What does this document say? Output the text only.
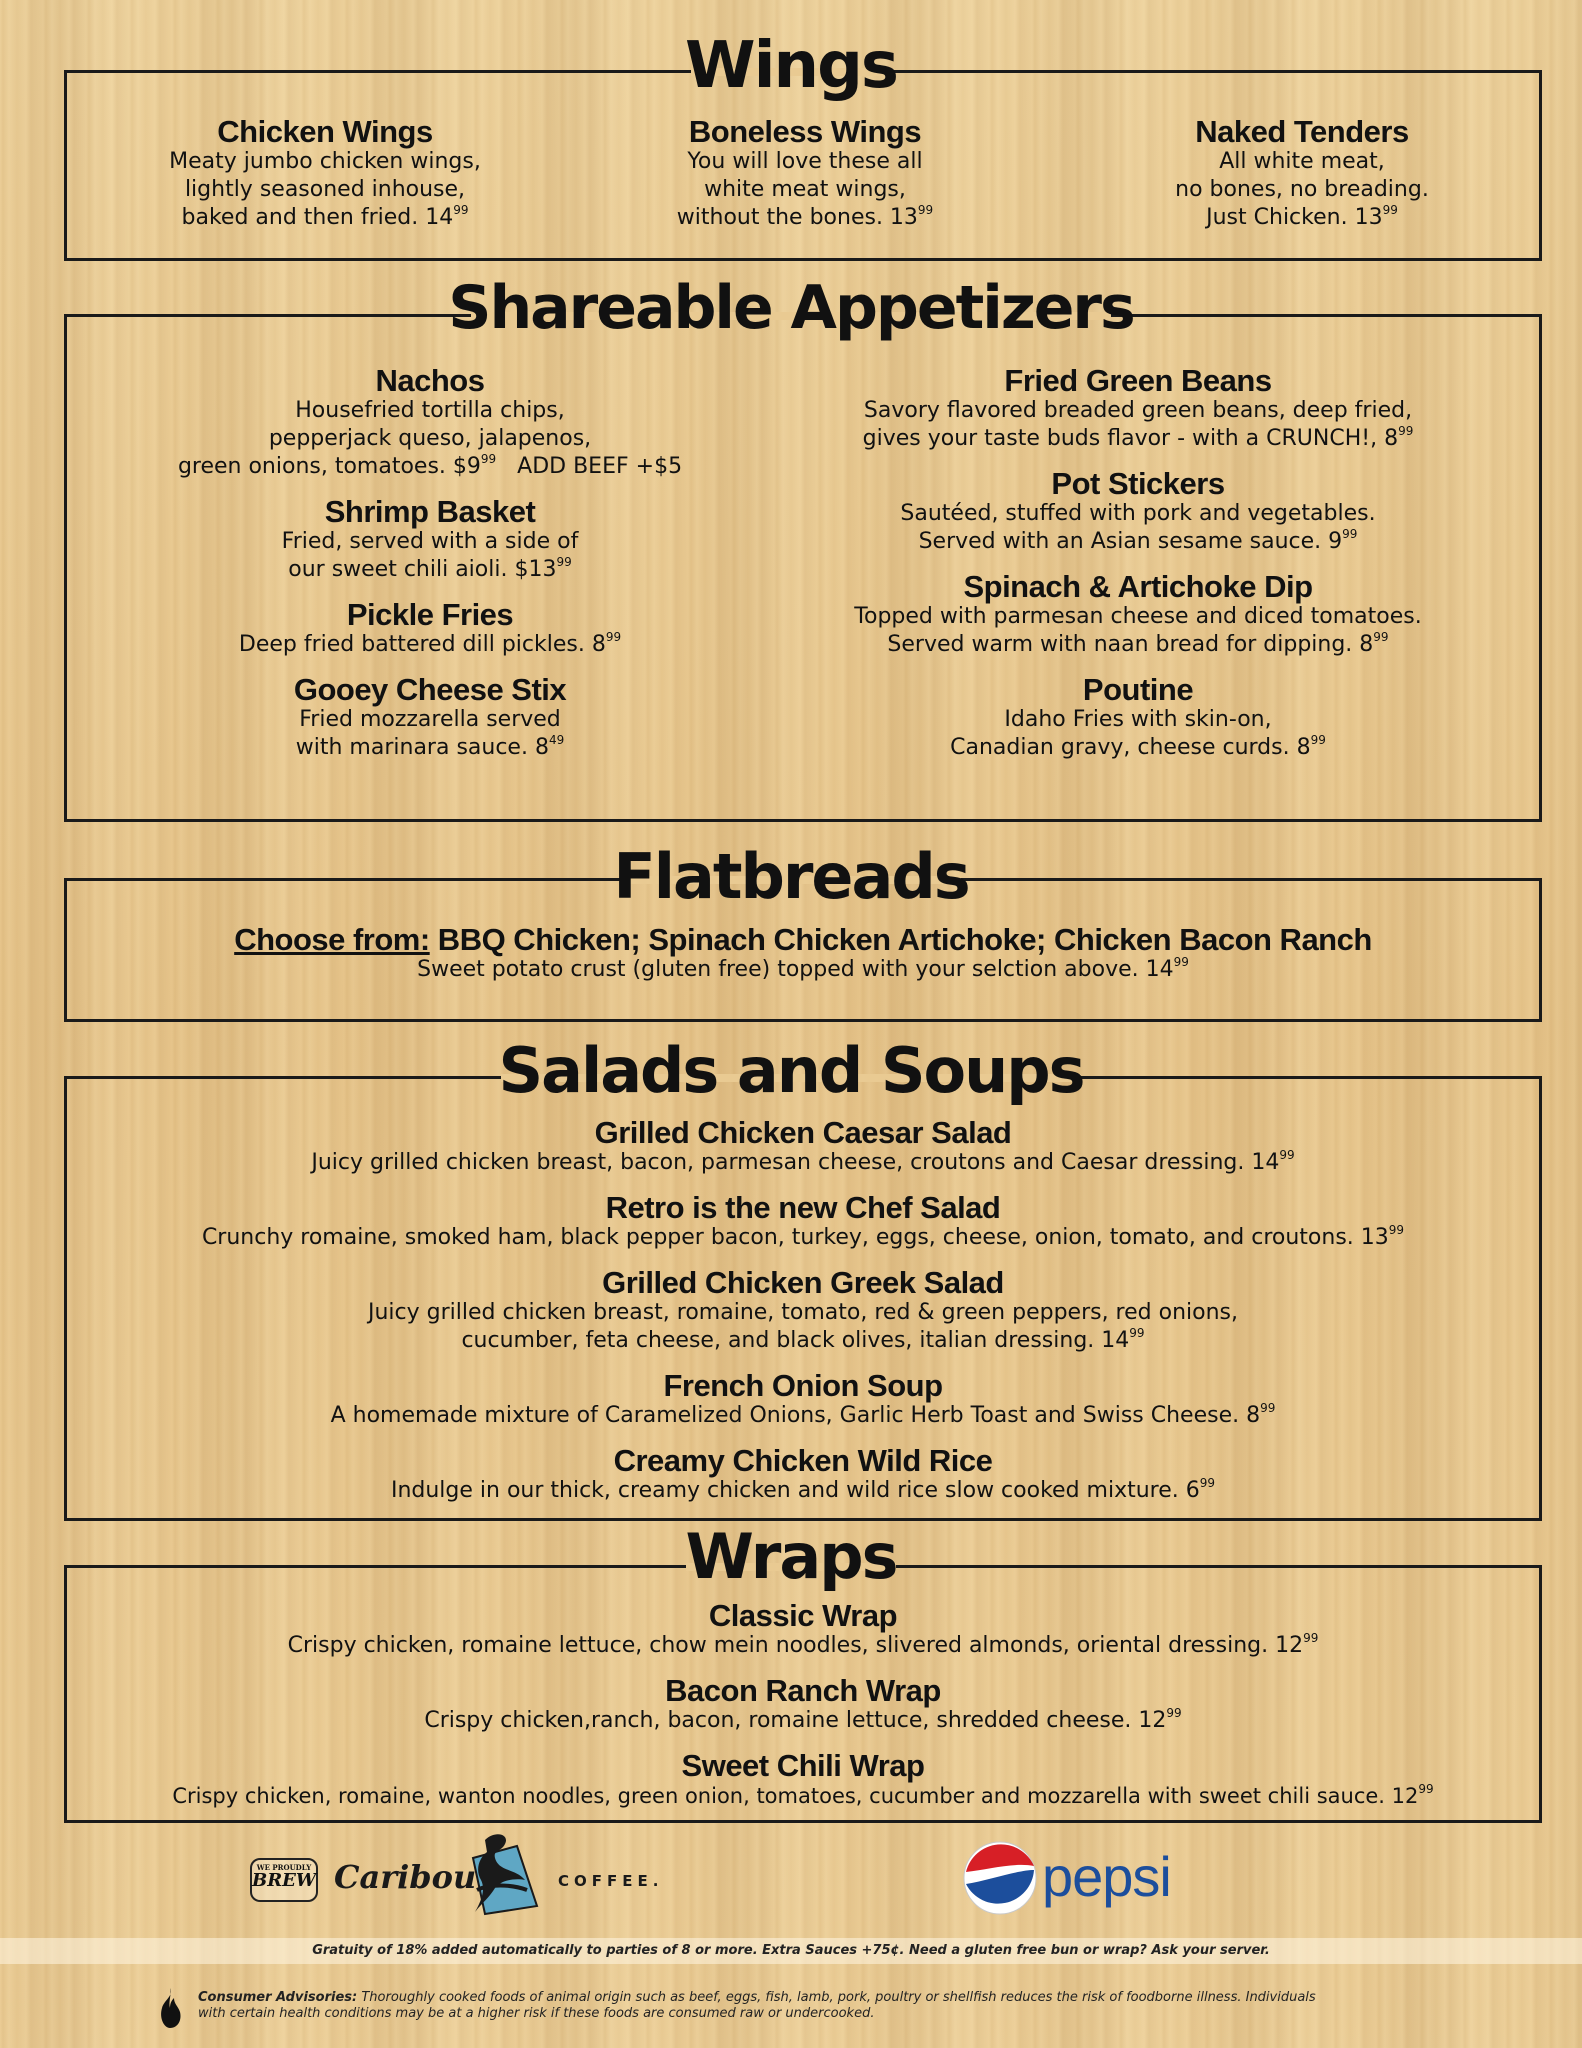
Wings
Chicken Wings

Meaty jumbo chicken wings,
lightly seasoned inhouse,
baked and then fried. $14^{99}$

Boneless Wings

You will love these all
white meat wings,
without the bones. $13^{99}$

Naked Tenders

All white meat,
no bones, no breading.
Just Chicken. $13^{99}$

Shareable Appetizers
Nachos

Housefried tortilla chips,
pepperjack queso, jalapenos,
green onions, tomatoes. $\$9^{99}$   ADD BEEF +$5

Shrimp Basket

Fried, served with a side of
our sweet chili aioli. $\$13^{99}$

Pickle Fries

Deep fried battered dill pickles. $8^{99}$

Gooey Cheese Stix

Fried mozzarella served
with marinara sauce. $8^{49}$

Fried Green Beans

Savory flavored breaded green beans, deep fried,
gives your taste buds flavor - with a CRUNCH!, $8^{99}$

Pot Stickers

Sautéed, stuffed with pork and vegetables.
Served with an Asian sesame sauce. $9^{99}$

Spinach & Artichoke Dip

Topped with parmesan cheese and diced tomatoes.
Served warm with naan bread for dipping. $8^{99}$

Poutine

Idaho Fries with skin-on,
Canadian gravy, cheese curds. $8^{99}$

Flatbreads
Choose from: BBQ Chicken; Spinach Chicken Artichoke; Chicken Bacon Ranch

Sweet potato crust (gluten free) topped with your selction above. $14^{99}$

Salads and Soups
Grilled Chicken Caesar Salad

Juicy grilled chicken breast, bacon, parmesan cheese, croutons and Caesar dressing. $14^{99}$

Retro is the new Chef Salad

Crunchy romaine, smoked ham, black pepper bacon, turkey, eggs, cheese, onion, tomato, and croutons. $13^{99}$

Grilled Chicken Greek Salad

Juicy grilled chicken breast, romaine, tomato, red & green peppers, red onions,
cucumber, feta cheese, and black olives, italian dressing. $14^{99}$

French Onion Soup

A homemade mixture of Caramelized Onions, Garlic Herb Toast and Swiss Cheese. $8^{99}$

Creamy Chicken Wild Rice

Indulge in our thick, creamy chicken and wild rice slow cooked mixture. $6^{99}$

Wraps
Classic Wrap

Crispy chicken, romaine lettuce, chow mein noodles, slivered almonds, oriental dressing. $12^{99}$

Bacon Ranch Wrap

Crispy chicken,ranch, bacon, romaine lettuce, shredded cheese. $12^{99}$

Sweet Chili Wrap

Crispy chicken, romaine, wanton noodles, green onion, tomatoes, cucumber and mozzarella with sweet chili sauce. $12^{99}$

WE PROUDLY
BREW Caribou	COFFEE.	pepsi
Gratuity of 18% added automatically to parties of 8 or more. Extra Sauces +75¢. Need a gluten free bun or wrap? Ask your server.
Consumer Advisories: Thoroughly cooked foods of animal origin such as beef, eggs, fish, lamb, pork, poultry or shellfish reduces the risk of foodborne illness. Individuals
with certain health conditions may be at a higher risk if these foods are consumed raw or undercooked.
